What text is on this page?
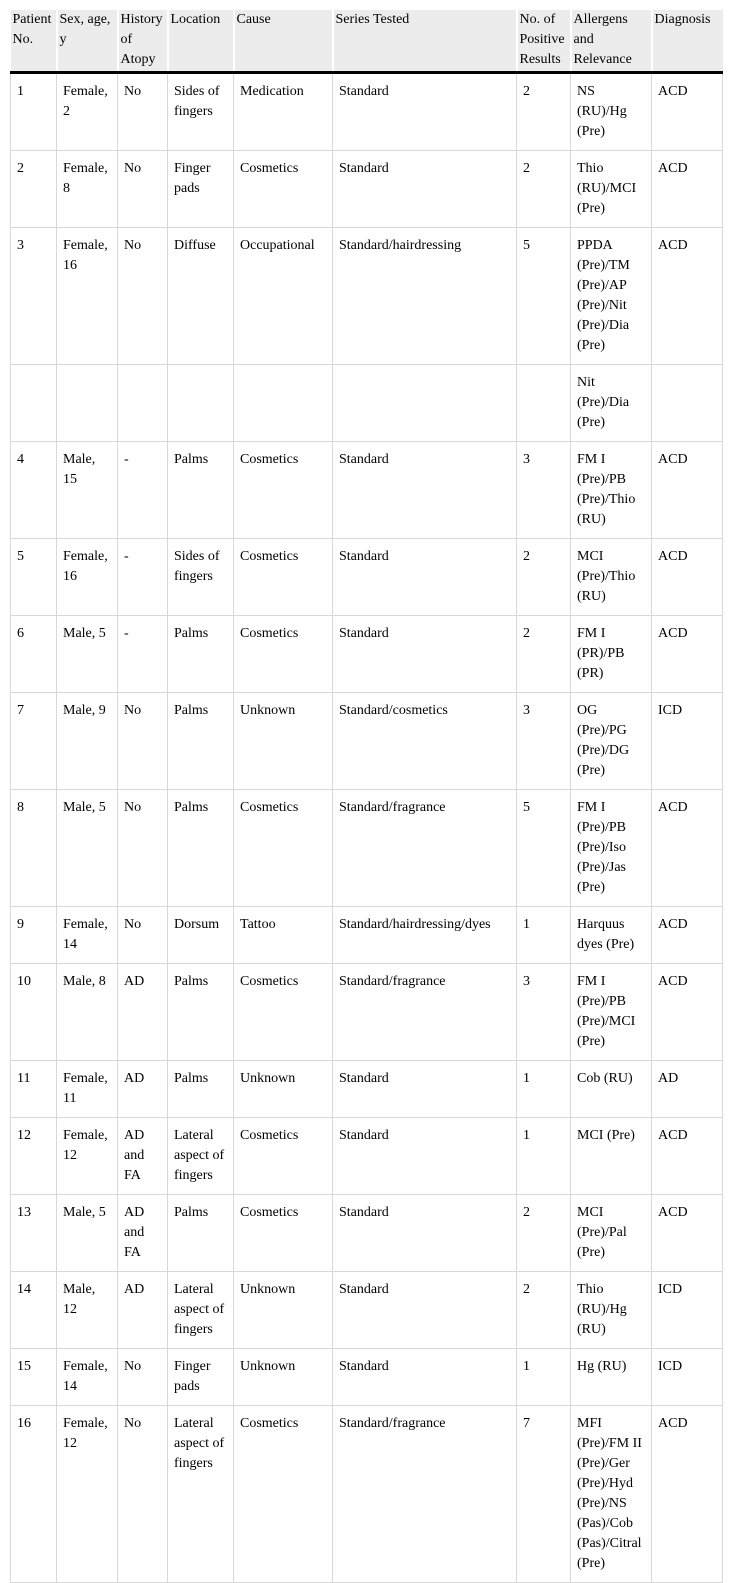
Patient No.	Sex, age, y	History of Atopy	Location	Cause	Series Tested	No. of Positive Results	Allergens and Relevance	Diagnosis
1	Female, 2	No	Sides of fingers	Medication	Standard	2	NS (RU)/Hg (Pre)	ACD
2	Female, 8	No	Finger pads	Cosmetics	Standard	2	Thio (RU)/MCI (Pre)	ACD
3	Female, 16	No	Diffuse	Occupational	Standard/hairdressing	5	PPDA (Pre)/TM (Pre)/AP (Pre)/Nit (Pre)/Dia (Pre)	ACD
							Nit (Pre)/Dia (Pre)	
4	Male, 15	-	Palms	Cosmetics	Standard	3	FM I (Pre)/PB (Pre)/Thio (RU)	ACD
5	Female, 16	-	Sides of fingers	Cosmetics	Standard	2	MCI (Pre)/Thio (RU)	ACD
6	Male, 5	-	Palms	Cosmetics	Standard	2	FM I (PR)/PB (PR)	ACD
7	Male, 9	No	Palms	Unknown	Standard/cosmetics	3	OG (Pre)/PG (Pre)/DG (Pre)	ICD
8	Male, 5	No	Palms	Cosmetics	Standard/fragrance	5	FM I (Pre)/PB (Pre)/Iso (Pre)/Jas (Pre)	ACD
9	Female, 14	No	Dorsum	Tattoo	Standard/hairdressing/dyes	1	Harquus dyes (Pre)	ACD
10	Male, 8	AD	Palms	Cosmetics	Standard/fragrance	3	FM I (Pre)/PB (Pre)/MCI (Pre)	ACD
11	Female, 11	AD	Palms	Unknown	Standard	1	Cob (RU)	AD
12	Female, 12	AD and FA	Lateral aspect of fingers	Cosmetics	Standard	1	MCI (Pre)	ACD
13	Male, 5	AD and FA	Palms	Cosmetics	Standard	2	MCI (Pre)/Pal (Pre)	ACD
14	Male, 12	AD	Lateral aspect of fingers	Unknown	Standard	2	Thio (RU)/Hg (RU)	ICD
15	Female, 14	No	Finger pads	Unknown	Standard	1	Hg (RU)	ICD
16	Female, 12	No	Lateral aspect of fingers	Cosmetics	Standard/fragrance	7	MFI (Pre)/FM II (Pre)/Ger (Pre)/Hyd (Pre)/NS (Pas)/Cob (Pas)/Citral (Pre)	ACD
